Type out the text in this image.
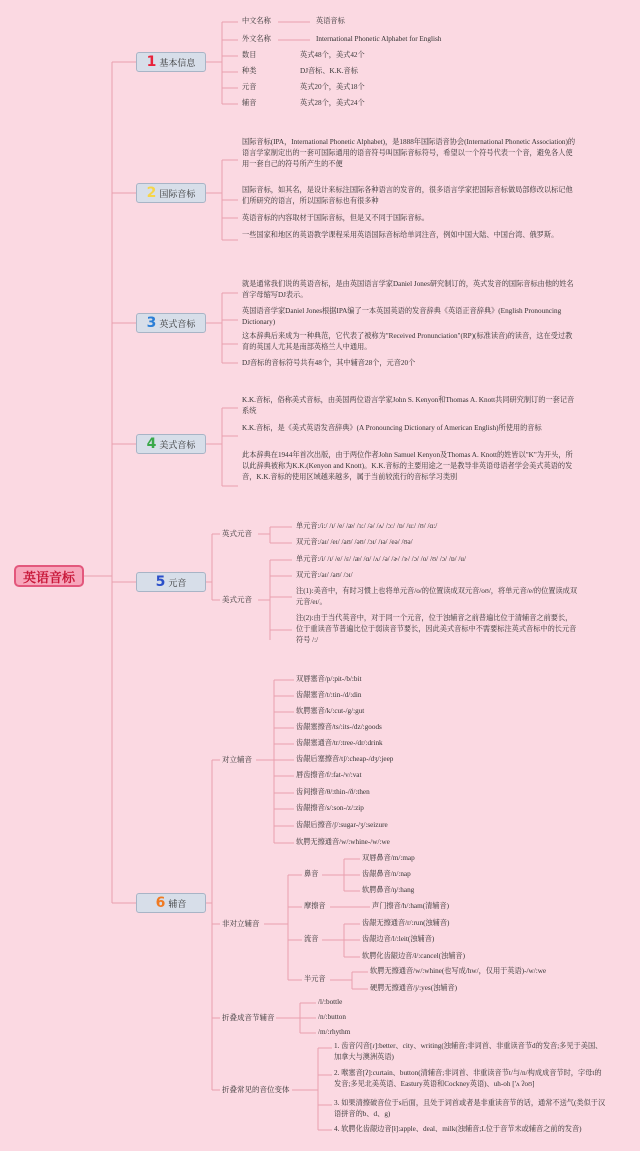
英语音标
1 基本信息
2 国际音标
3 英式音标
4 美式音标
5 元音
6 辅音
中文名称	英语音标
外文名称	International Phonetic Alphabet for English
数目	英式48个，美式42个
种类	DJ音标、K.K.音标
元音	英式20个，美式18个
辅音	英式28个，美式24个
国际音标(IPA，International Phonetic Alphabet)，是1888年国际语音协会(International Phonetic Association)的语言学家制定出的一套可国际通用的语音符号叫国际音标符号，希望以一个符号代表一个音，避免各人使用一套自己的符号所产生的不便
国际音标，如其名，是设计来标注国际各种语言的发音的，很多语言学家把国际音标做局部修改以标记他们所研究的语言，所以国际音标也有很多种
英语音标的内容取材于国际音标，但是又不同于国际音标。
一些国家和地区的英语教学课程采用英语国际音标给单词注音，例如中国大陆、中国台湾、俄罗斯。
就是通常我们说的英语音标，是由英国语言学家Daniel Jones研究制订的，英式发音的国际音标由他的姓名首字母缩写DJ表示。
英国语音学家Daniel Jones根据IPA编了一本英国英语的发音辞典《英语正音辞典》(English Pronouncing Dictionary)
这本辞典后来成为一种典范，它代表了被称为"Received Pronunciation"(RP)(标准读音)的读音，这在受过教育的英国人尤其是南部英格兰人中通用。
DJ音标的音标符号共有48个，其中辅音28个，元音20个
K.K.音标，俗称美式音标，由美国两位语言学家John S. Kenyon和Thomas A. Knott共同研究制订的一套记音系统
K.K.音标，是《美式英语发音辞典》(A Pronouncing Dictionary of American English)所使用的音标
此本辞典在1944年首次出版，由于两位作者John Samuel Kenyon及Thomas A. Knott的姓皆以"K"为开头，所以此辞典被称为K.K.(Kenyon and Knott)。K.K.音标的主要用途之一是教导非英语母语者学会美式英语的发音，K.K.音标的使用区域越来越多，属于当前较流行的音标学习类别
英式元音
单元音:/i:/ /ɪ/ /e/ /æ/ /ɜ:/ /ə/ /ʌ/ /ɔ:/ /ɒ/ /u:/ /ʊ/ /ɑ:/
双元音:/aɪ/ /eɪ/ /aʊ/ /əʊ/ /ɔɪ/ /ɪə/ /eə/ /ʊə/
美式元音
单元音:/i/ /ɪ/ /e/ /ɛ/ /æ/ /ɑ/ /ʌ/ /ə/ /ɚ/ /ɝ/ /ɔ/ /o/ /ʊ/ /ɔ/ /ɒ/ /u/
双元音:/aɪ/ /aʊ/ /ɔɪ/
注(1):美音中，有时习惯上也将单元音/o/的位置读成双元音/oʊ/，将单元音/e/的位置读成双元音/eɪ/。
注(2):由于当代英音中，对于同一个元音，位于浊辅音之前普遍比位于清辅音之前要长，位于重读音节普遍比位于弱读音节要长，因此美式音标中不需要标注英式音标中的长元音符号 /:/
对立辅音
双唇塞音/p/:pit-/b/:bit
齿龈塞音/t/:tin-/d/:din
软腭塞音/k/:cut-/g/:gut
齿龈塞擦音/ts/:its-/dz/:goods
齿龈塞通音/tr/:tree-/dr/:drink
齿龈后塞擦音/tʃ/:cheap-/dʒ/:jeep
唇齿擦音/f/:fat-/v/:vat
齿间擦音/θ/:thin-/ð/:then
齿龈擦音/s/:son-/z/:zip
齿龈后擦音/ʃ/:sugar-/ʒ/:seizure
软腭无擦通音/w/:whine-/w/:we
非对立辅音
鼻音
双唇鼻音/m/:map
齿龈鼻音/n/:nap
软腭鼻音/ŋ/:hang
摩擦音	声门擦音/h/:ham(清辅音)
流音
齿龈无擦通音/r/:run(浊辅音)
齿龈边音/l/:leit(浊辅音)
软腭化齿龈边音/ł/:cancel(浊辅音)
半元音
软腭无擦通音/w/:whine(也写成/hw/，仅用于英语)-/w/:we
硬腭无擦通音/j/:yes(浊辅音)
折叠成音节辅音
/l/:bottle
/n/:button
/m/:rhythm
折叠常见的音位变体
1. 齿音闪音[ɾ]:better、city、writing(浊辅音;非词首、非重读音节d的发音;多见于美国、加拿大与澳洲英语)
2. 喉塞音[ʔ]:curtain、button(清辅音;非词首、非重读音节t/与/n/构成成音节时，字母t的发音;多见北美英语、Eastury英语和Cockney英语)、uh-oh ['ʌ ʔoʊ]
3. 如果清擦破音位于s后面，且处于词首或者是非重读音节的话，通常不送气(类似于汉语拼音的b、d、g)
4. 软腭化齿龈边音[ł]:apple、deal、milk(浊辅音;L位于音节末或辅音之前的发音)
